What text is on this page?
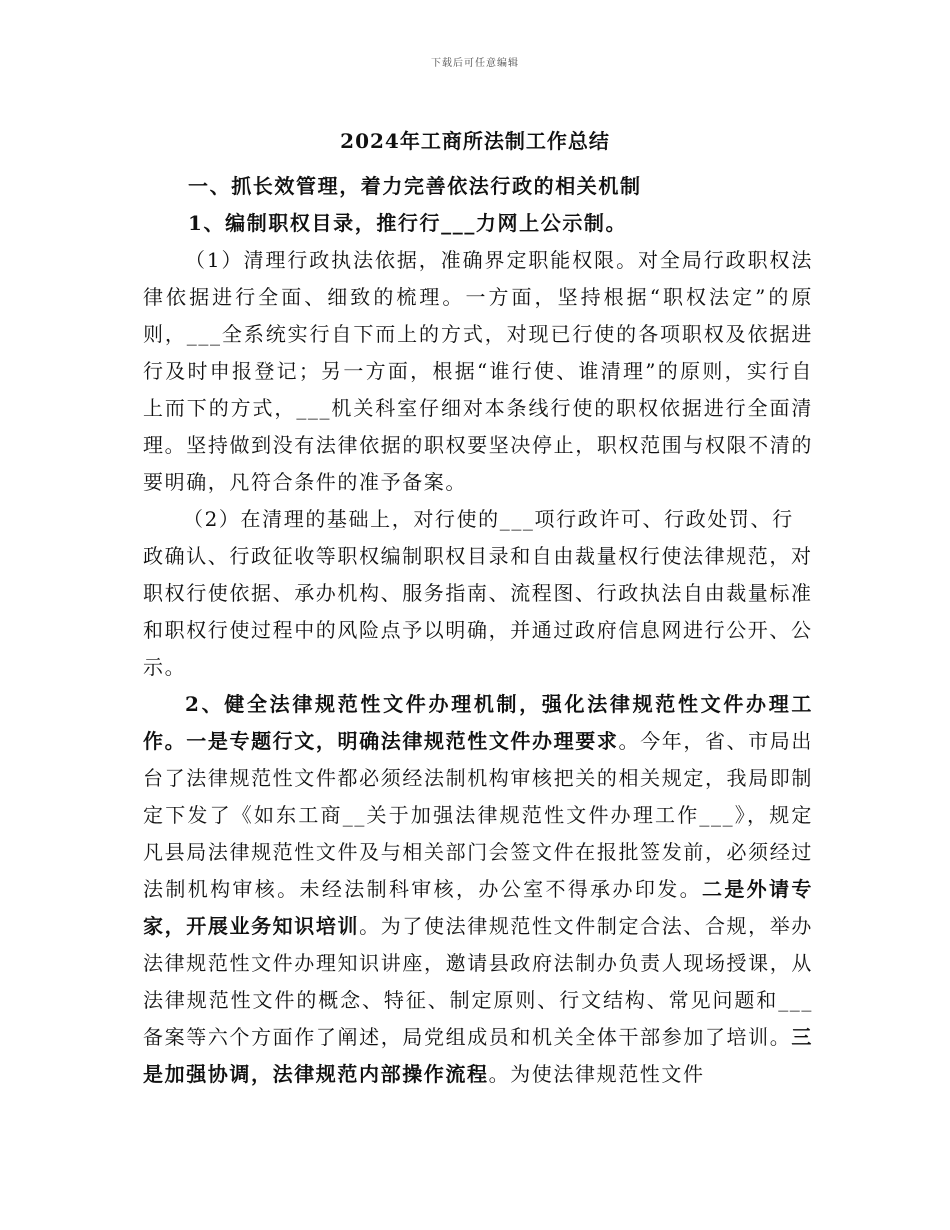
下载后可任意编辑
2024年工商所法制工作总结

一、抓长效管理，着力完善依法行政的相关机制

1、编制职权目录，推行行___力网上公示制。

（1）清理行政执法依据，准确界定职能权限。对全局行政职权法律依据进行全面、细致的梳理。一方面，坚持根据“职权法定”的原则，___全系统实行自下而上的方式，对现已行使的各项职权及依据进行及时申报登记；另一方面，根据“谁行使、谁清理”的原则，实行自上而下的方式，___机关科室仔细对本条线行使的职权依据进行全面清理。坚持做到没有法律依据的职权要坚决停止，职权范围与权限不清的要明确，凡符合条件的准予备案。

（2）在清理的基础上，对行使的___项行政许可、行政处罚、行政确认、行政征收等职权编制职权目录和自由裁量权行使法律规范，对职权行使依据、承办机构、服务指南、流程图、行政执法自由裁量标准和职权行使过程中的风险点予以明确，并通过政府信息网进行公开、公示。

2、健全法律规范性文件办理机制，强化法律规范性文件办理工作。一是专题行文，明确法律规范性文件办理要求。今年，省、市局出台了法律规范性文件都必须经法制机构审核把关的相关规定，我局即制定下发了《如东工商__关于加强法律规范性文件办理工作___》，规定凡县局法律规范性文件及与相关部门会签文件在报批签发前，必须经过法制机构审核。未经法制科审核，办公室不得承办印发。二是外请专家，开展业务知识培训。为了使法律规范性文件制定合法、合规，举办法律规范性文件办理知识讲座，邀请县政府法制办负责人现场授课，从法律规范性文件的概念、特征、制定原则、行文结构、常见问题和___备案等六个方面作了阐述，局党组成员和机关全体干部参加了培训。三是加强协调，法律规范内部操作流程。为使法律规范性文件
